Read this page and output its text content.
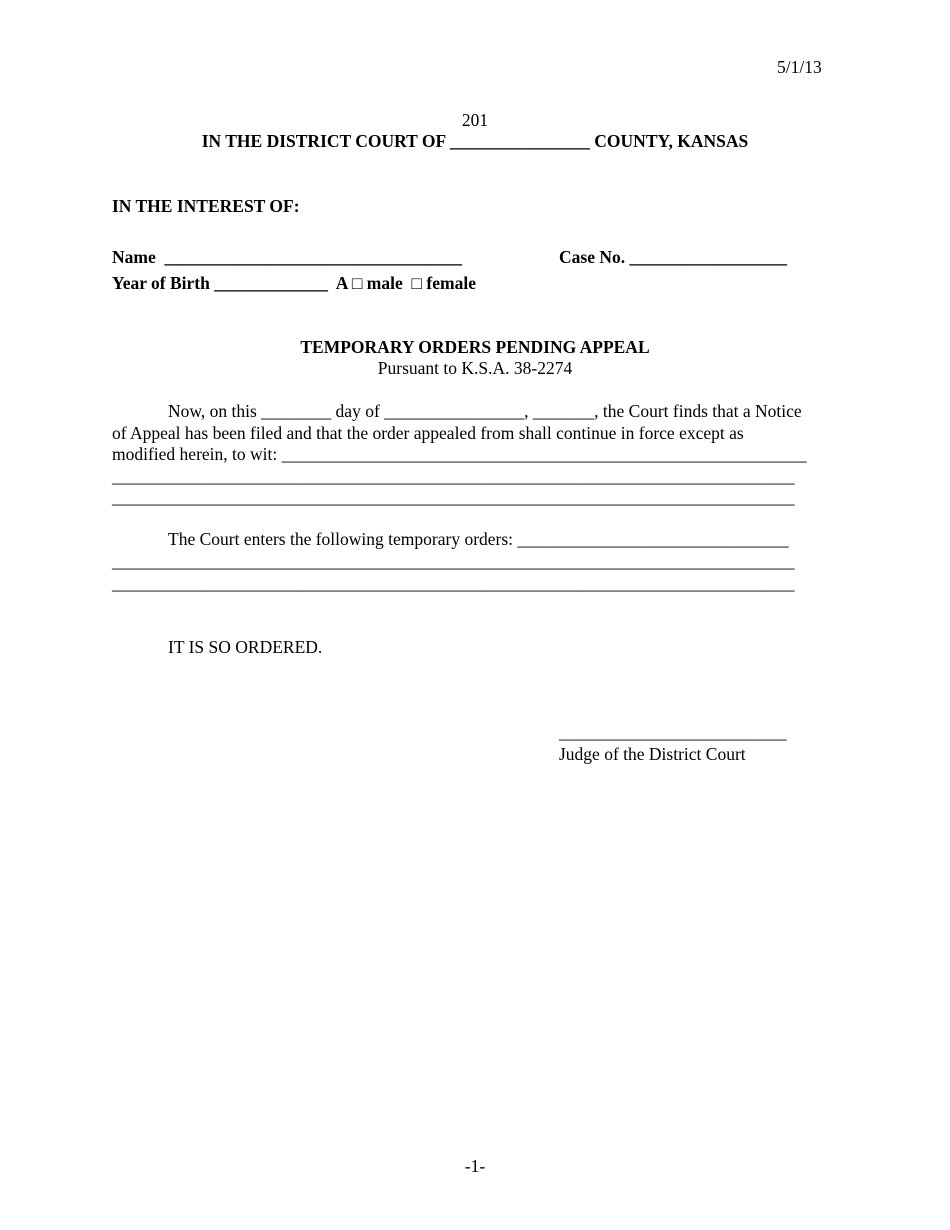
5/1/13
201
IN THE DISTRICT COURT OF ________________ COUNTY, KANSAS
IN THE INTEREST OF:
Name  __________________________________	Case No. __________________
Year of Birth _____________  A □ male  □ female
TEMPORARY ORDERS PENDING APPEAL
Pursuant to K.S.A. 38-2274
Now, on this ________ day of ________________, _______, the Court finds that a Notice
of Appeal has been filed and that the order appealed from shall continue in force except as
modified herein, to wit: ____________________________________________________________
______________________________________________________________________________
______________________________________________________________________________
The Court enters the following temporary orders: _______________________________
______________________________________________________________________________
______________________________________________________________________________
IT IS SO ORDERED.
__________________________
Judge of the District Court
-1-
